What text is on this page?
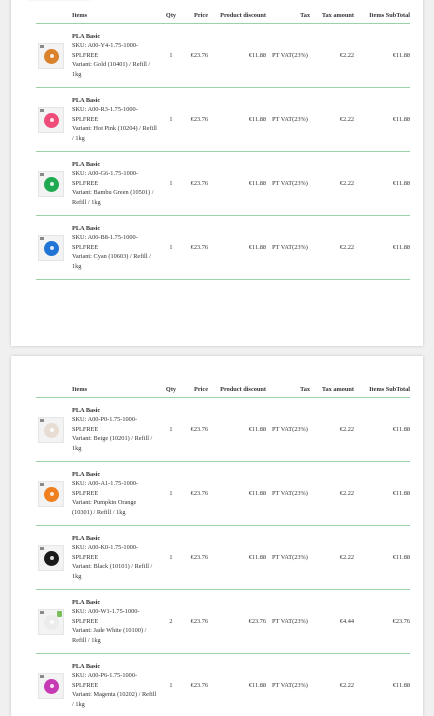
	Items	Qty	Price	Product discount	Tax	Tax amount	Items SubTotal

	PLA Basic
SKU: A00-Y4-1.75-1000-
SPLFREE
Variant: Gold (10401) / Refill /
1kg	1	€23.76	€11.88	PT VAT(23%)	€2.22	€11.88

	PLA Basic
SKU: A00-R3-1.75-1000-
SPLFREE
Variant: Hot Pink (10204) / Refill
/ 1kg	1	€23.76	€11.88	PT VAT(23%)	€2.22	€11.88

	PLA Basic
SKU: A00-G6-1.75-1000-
SPLFREE
Variant: Bambu Green (10501) /
Refill / 1kg	1	€23.76	€11.88	PT VAT(23%)	€2.22	€11.88

	PLA Basic
SKU: A00-B8-1.75-1000-
SPLFREE
Variant: Cyan (10603) / Refill /
1kg	1	€23.76	€11.88	PT VAT(23%)	€2.22	€11.88
	Items	Qty	Price	Product discount	Tax	Tax amount	Items SubTotal

	PLA Basic
SKU: A00-P0-1.75-1000-
SPLFREE
Variant: Beige (10201) / Refill /
1kg	1	€23.76	€11.88	PT VAT(23%)	€2.22	€11.88

	PLA Basic
SKU: A00-A1-1.75-1000-
SPLFREE
Variant: Pumpkin Orange
(10301) / Refill / 1kg	1	€23.76	€11.88	PT VAT(23%)	€2.22	€11.88

	PLA Basic
SKU: A00-K0-1.75-1000-
SPLFREE
Variant: Black (10101) / Refill /
1kg	1	€23.76	€11.88	PT VAT(23%)	€2.22	€11.88

	PLA Basic
SKU: A00-W1-1.75-1000-
SPLFREE
Variant: Jade White (10100) /
Refill / 1kg	2	€23.76	€23.76	PT VAT(23%)	€4.44	€23.76

	PLA Basic
SKU: A00-P6-1.75-1000-
SPLFREE
Variant: Magenta (10202) / Refill
/ 1kg	1	€23.76	€11.88	PT VAT(23%)	€2.22	€11.88
